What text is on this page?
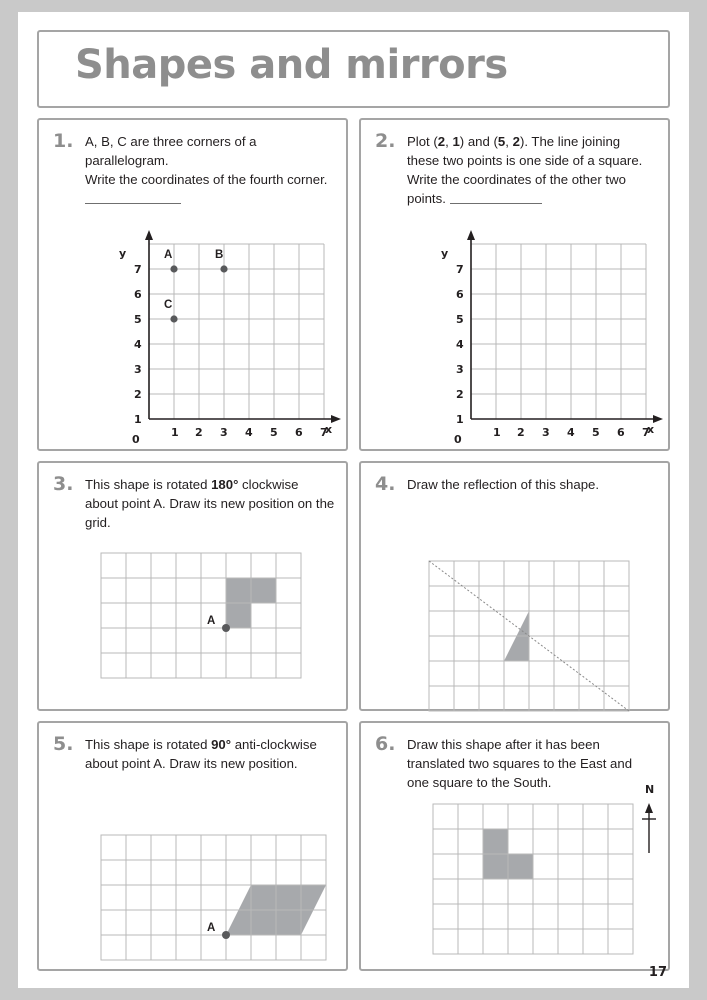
Shapes and mirrors
1. A, B, C are three corners of a parallelogram.
Write the coordinates of the fourth corner.
y
x
7
6
5
4
3
2
1
0
1 2 3 4 5 6 7
A	B
C
2. Plot (2, 1) and (5, 2). The line joining these two points is one side of a square. Write the coordinates of the other two points.
y
x
7
6
5
4
3
2
1
0
1 2 3 4 5 6 7
3. This shape is rotated 180° clockwise about point A. Draw its new position on the grid.
A
4. Draw the reflection of this shape.
5. This shape is rotated 90° anti-clockwise about point A. Draw its new position.
A
6. Draw this shape after it has been translated two squares to the East and one square to the South.	N
17
